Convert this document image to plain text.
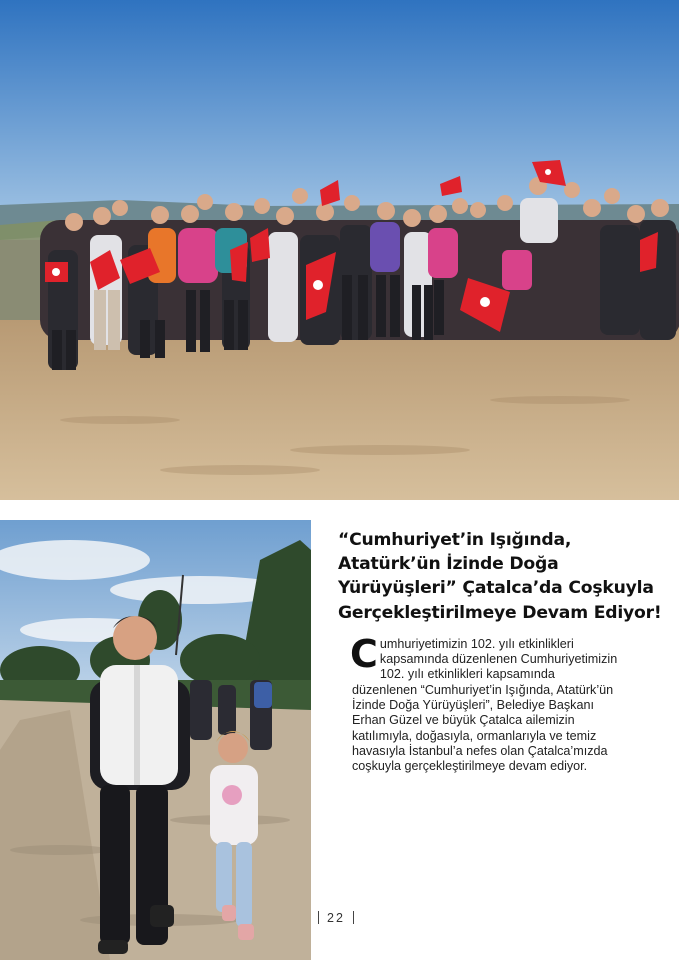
“Cumhuriyet’in Işığında, Atatürk’ün İzinde Doğa Yürüyüşleri” Çatalca’da Coşkuyla Gerçekleştirilmeye Devam Ediyor!

Cumhuriyetimizin 102. yılı etkinlikleri kapsamında düzenlenen Cumhuriyetimizin 102. yılı etkinlikleri kapsamında düzenlenen “Cumhuriyet’in Işığında, Atatürk’ün İzinde Doğa Yürüyüşleri”, Belediye Başkanı Erhan Güzel ve büyük Çatalca ailemizin katılımıyla, doğasıyla, ormanlarıyla ve temiz havasıyla İstanbul’a nefes olan Çatalca’mızda coşkuyla gerçekleştirilmeye devam ediyor.

22
